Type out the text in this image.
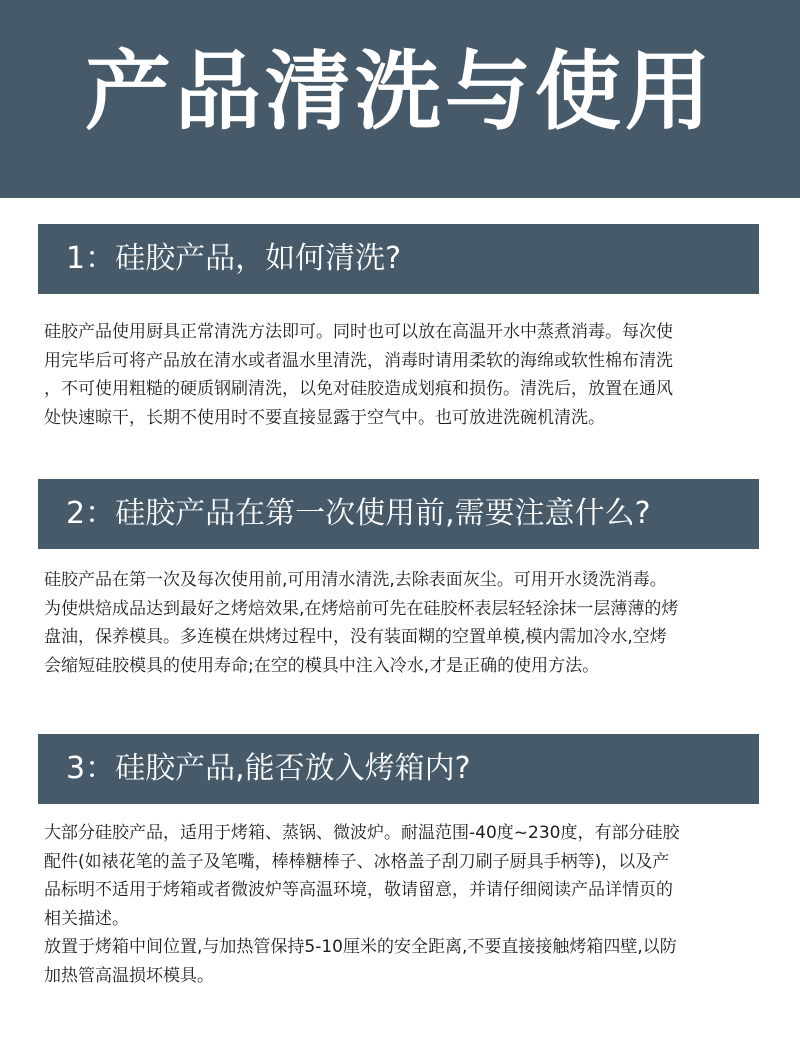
产品清洗与使用
1：硅胶产品，如何清洗?
硅胶产品使用厨具正常清洗方法即可。同时也可以放在高温开水中蒸煮消毒。每次使
用完毕后可将产品放在清水或者温水里清洗，消毒时请用柔软的海绵或软性棉布清洗
，不可使用粗糙的硬质钢刷清洗，以免对硅胶造成划痕和损伤。清洗后，放置在通风
处快速晾干，长期不使用时不要直接显露于空气中。也可放进洗碗机清洗。
2：硅胶产品在第一次使用前,需要注意什么?
硅胶产品在第一次及每次使用前,可用清水清洗,去除表面灰尘。可用开水烫洗消毒。
为使烘焙成品达到最好之烤焙效果,在烤焙前可先在硅胶杯表层轻轻涂抹一层薄薄的烤
盘油，保养模具。多连模在烘烤过程中，没有装面糊的空置单模,模内需加冷水,空烤
会缩短硅胶模具的使用寿命;在空的模具中注入冷水,才是正确的使用方法。
3：硅胶产品,能否放入烤箱内?
大部分硅胶产品，适用于烤箱、蒸锅、微波炉。耐温范围-40度~230度，有部分硅胶
配件(如裱花笔的盖子及笔嘴，棒棒糖棒子、冰格盖子刮刀刷子厨具手柄等)，以及产
品标明不适用于烤箱或者微波炉等高温环境，敬请留意，并请仔细阅读产品详情页的
相关描述。
放置于烤箱中间位置,与加热管保持5-10厘米的安全距离,不要直接接触烤箱四壁,以防
加热管高温损坏模具。
